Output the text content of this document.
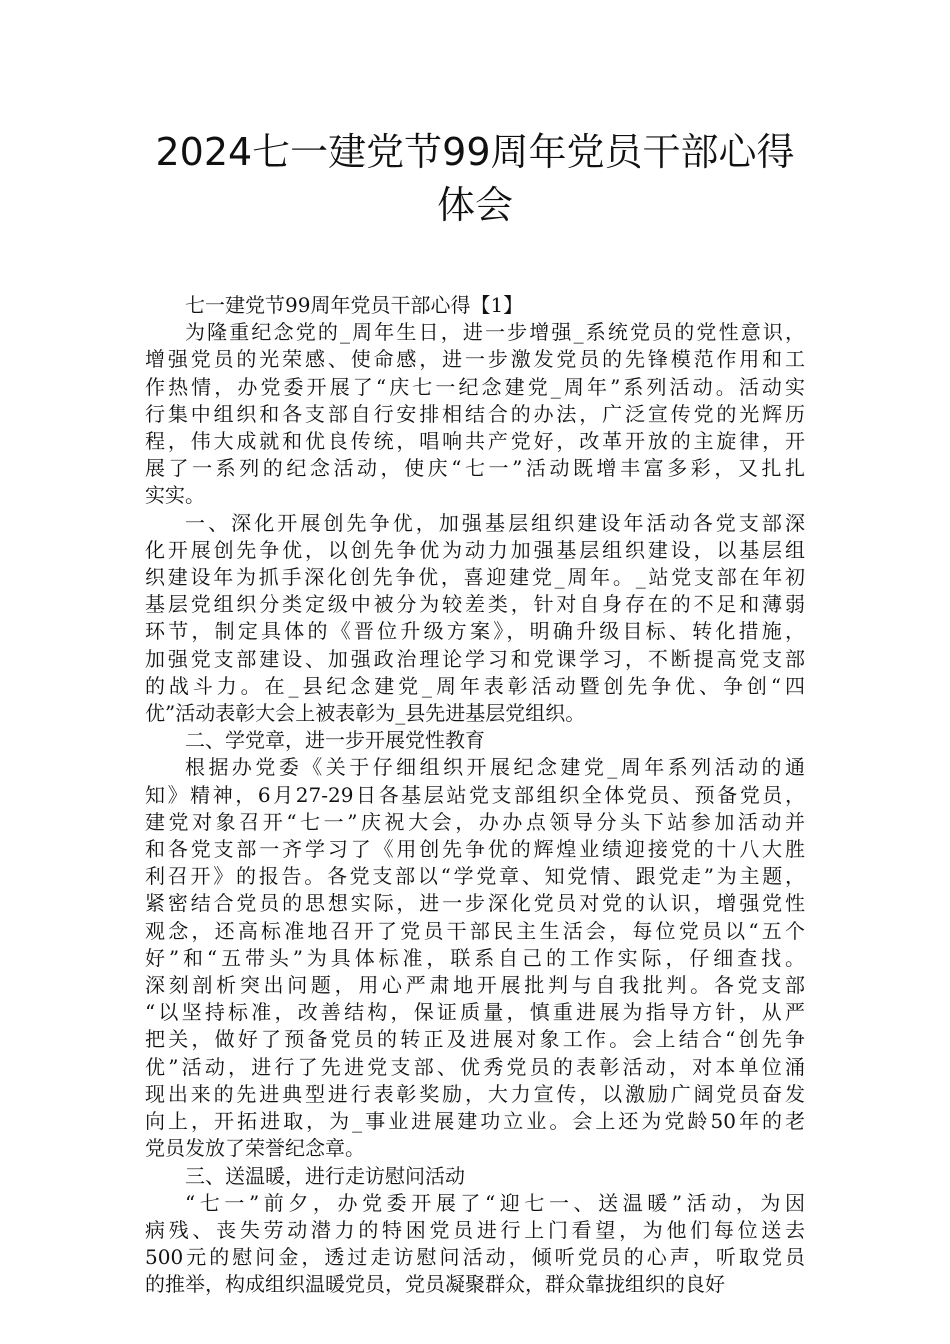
2024七一建党节99周年党员干部心得
体会
七一建党节99周年党员干部心得【1】
为隆重纪念党的_周年生日，进一步增强_系统党员的党性意识，
增强党员的光荣感、使命感，进一步激发党员的先锋模范作用和工
作热情，办党委开展了“庆七一纪念建党_周年”系列活动。活动实
行集中组织和各支部自行安排相结合的办法，广泛宣传党的光辉历
程，伟大成就和优良传统，唱响共产党好，改革开放的主旋律，开
展了一系列的纪念活动，使庆“七一”活动既增丰富多彩，又扎扎
实实。
一、深化开展创先争优，加强基层组织建设年活动各党支部深
化开展创先争优，以创先争优为动力加强基层组织建设，以基层组
织建设年为抓手深化创先争优，喜迎建党_周年。_站党支部在年初
基层党组织分类定级中被分为较差类，针对自身存在的不足和薄弱
环节，制定具体的《晋位升级方案》，明确升级目标、转化措施，
加强党支部建设、加强政治理论学习和党课学习，不断提高党支部
的战斗力。在_县纪念建党_周年表彰活动暨创先争优、争创“四
优”活动表彰大会上被表彰为_县先进基层党组织。
二、学党章，进一步开展党性教育
根据办党委《关于仔细组织开展纪念建党_周年系列活动的通
知》精神，6月27-29日各基层站党支部组织全体党员、预备党员，
建党对象召开“七一”庆祝大会，办办点领导分头下站参加活动并
和各党支部一齐学习了《用创先争优的辉煌业绩迎接党的十八大胜
利召开》的报告。各党支部以“学党章、知党情、跟党走”为主题，
紧密结合党员的思想实际，进一步深化党员对党的认识，增强党性
观念，还高标准地召开了党员干部民主生活会，每位党员以“五个
好”和“五带头”为具体标准，联系自己的工作实际，仔细查找。
深刻剖析突出问题，用心严肃地开展批判与自我批判。各党支部
“以坚持标准，改善结构，保证质量，慎重进展为指导方针，从严
把关，做好了预备党员的转正及进展对象工作。会上结合“创先争
优”活动，进行了先进党支部、优秀党员的表彰活动，对本单位涌
现出来的先进典型进行表彰奖励，大力宣传，以激励广阔党员奋发
向上，开拓进取，为_事业进展建功立业。会上还为党龄50年的老
党员发放了荣誉纪念章。
三、送温暖，进行走访慰问活动
“七一”前夕，办党委开展了“迎七一、送温暖”活动，为因
病残、丧失劳动潜力的特困党员进行上门看望，为他们每位送去
500元的慰问金，透过走访慰问活动，倾听党员的心声，听取党员
的推举，构成组织温暖党员，党员凝聚群众，群众靠拢组织的良好
